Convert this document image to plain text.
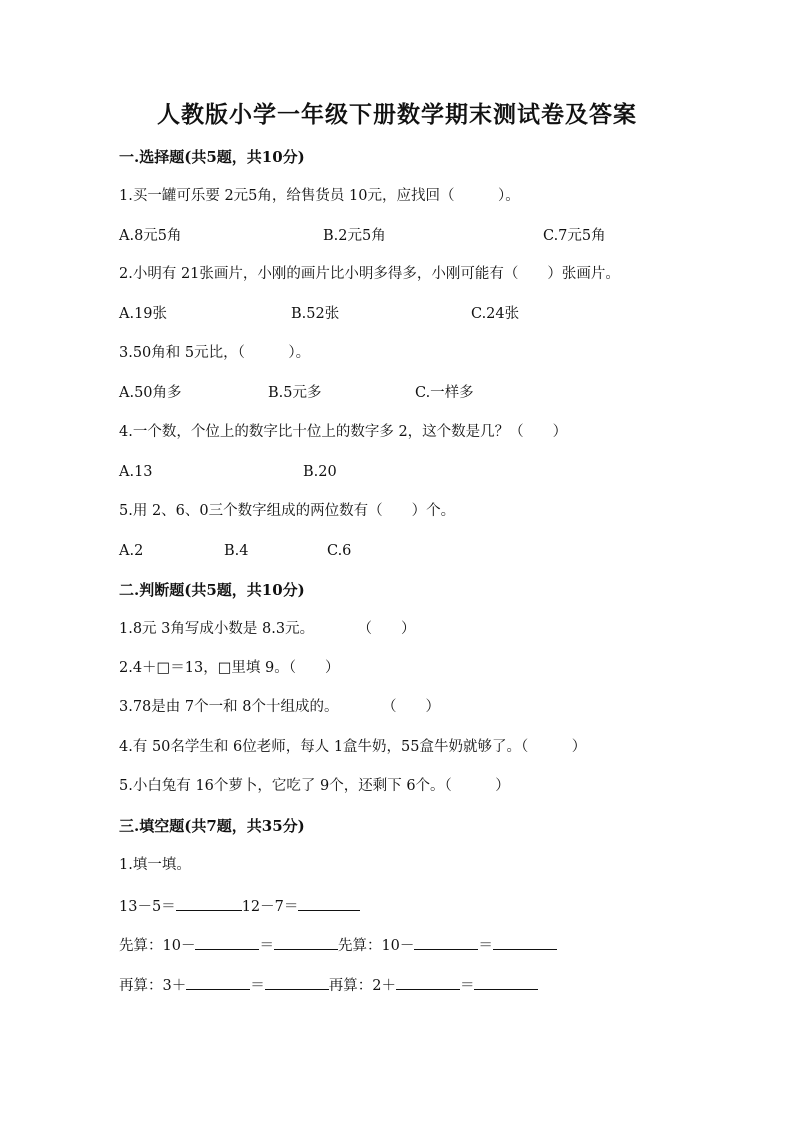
人教版小学一年级下册数学期末测试卷及答案
一.选择题(共5题，共10分)
1.买一罐可乐要 2元5角，给售货员 10元，应找回（　　　）。
A.8元5角	B.2元5角	C.7元5角
2.小明有 21张画片，小刚的画片比小明多得多，小刚可能有（　　）张画片。
A.19张	B.52张	C.24张
3.50角和 5元比，（　　　）。
A.50角多	B.5元多	C.一样多
4.一个数，个位上的数字比十位上的数字多 2，这个数是几？（　　）
A.13	B.20
5.用 2、6、0三个数字组成的两位数有（　　）个。
A.2	B.4	C.6
二.判断题(共5题，共10分)
1.8元 3角写成小数是 8.3元。　　　　（　　）
2.4＋□＝13，□里填 9。（　　）
3.78是由 7个一和 8个十组成的。　　　　（　　）
4.有 50名学生和 6位老师，每人 1盒牛奶，55盒牛奶就够了。（　　　）
5.小白兔有 16个萝卜，它吃了 9个，还剩下 6个。（　　　）
三.填空题(共7题，共35分)
1.填一填。
13－5＝	12－7＝
先算：10－	＝	先算：10－	＝
再算：3＋	＝	再算：2＋	＝
